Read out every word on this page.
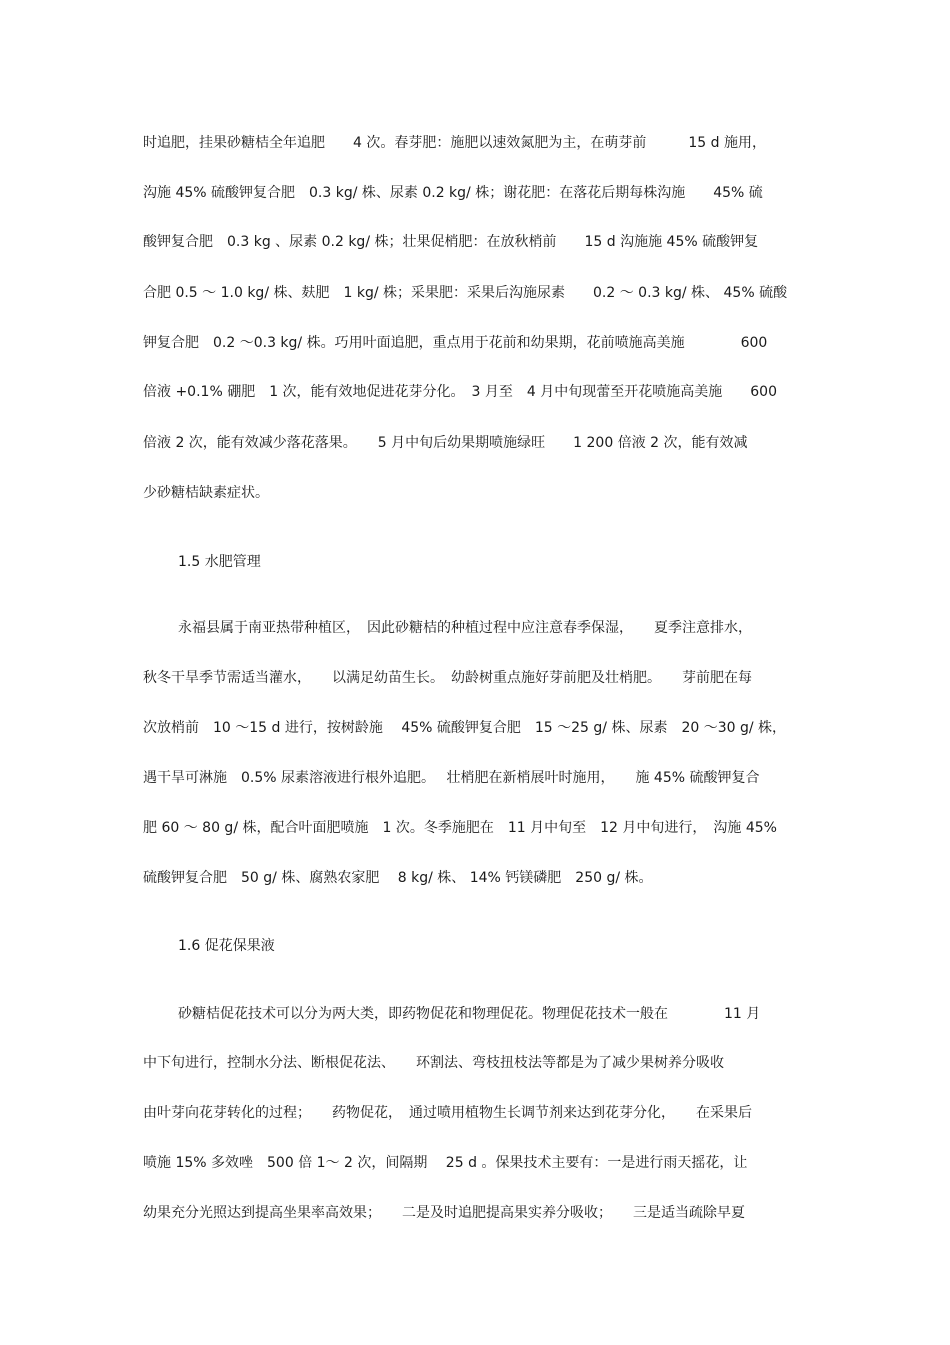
时追肥，挂果砂糖桔全年追肥　　4 次。春芽肥：施肥以速效氮肥为主，在萌芽前　　　15 d 施用，
沟施 45% 硫酸钾复合肥　0.3 kg/ 株、尿素 0.2 kg/ 株；谢花肥：在落花后期每株沟施　　45% 硫
酸钾复合肥　0.3 kg 、尿素 0.2 kg/ 株；壮果促梢肥：在放秋梢前　　15 d 沟施施 45% 硫酸钾复
合肥 0.5 ～ 1.0 kg/ 株、麸肥　1 kg/ 株；采果肥：采果后沟施尿素　　0.2 ～ 0.3 kg/ 株、 45% 硫酸
钾复合肥　0.2 ～0.3 kg/ 株。巧用叶面追肥，重点用于花前和幼果期，花前喷施高美施　　　　600
倍液 +0.1% 硼肥　1 次，能有效地促进花芽分化。　3 月至　4 月中旬现蕾至开花喷施高美施　　600
倍液 2 次，能有效减少落花落果。　　5 月中旬后幼果期喷施绿旺　　1 200 倍液 2 次，能有效减
少砂糖桔缺素症状。
1.5 水肥管理
永福县属于南亚热带种植区，　因此砂糖桔的种植过程中应注意春季保湿，　　夏季注意排水，
秋冬干旱季节需适当灌水，　　以满足幼苗生长。　幼龄树重点施好芽前肥及壮梢肥。　　芽前肥在每
次放梢前　10 ～15 d 进行，按树龄施　 45% 硫酸钾复合肥　15 ～25 g/ 株、尿素　20 ～30 g/ 株，
遇干旱可淋施　0.5% 尿素溶液进行根外追肥。　 壮梢肥在新梢展叶时施用，　　施 45% 硫酸钾复合
肥 60 ～ 80 g/ 株，配合叶面肥喷施　1 次。冬季施肥在　11 月中旬至　12 月中旬进行，　沟施 45%
硫酸钾复合肥　50 g/ 株、腐熟农家肥　 8 kg/ 株、 14% 钙镁磷肥　250 g/ 株。
1.6 促花保果液
砂糖桔促花技术可以分为两大类，即药物促花和物理促花。物理促花技术一般在　　　　11 月
中下旬进行，控制水分法、断根促花法、　　环割法、弯枝扭枝法等都是为了减少果树养分吸收
由叶芽向花芽转化的过程；　　药物促花，　通过喷用植物生长调节剂来达到花芽分化，　　在采果后
喷施 15% 多效唑　500 倍 1～ 2 次，间隔期　 25 d 。保果技术主要有：一是进行雨天摇花，让
幼果充分光照达到提高坐果率高效果；　　二是及时追肥提高果实养分吸收；　　三是适当疏除早夏
